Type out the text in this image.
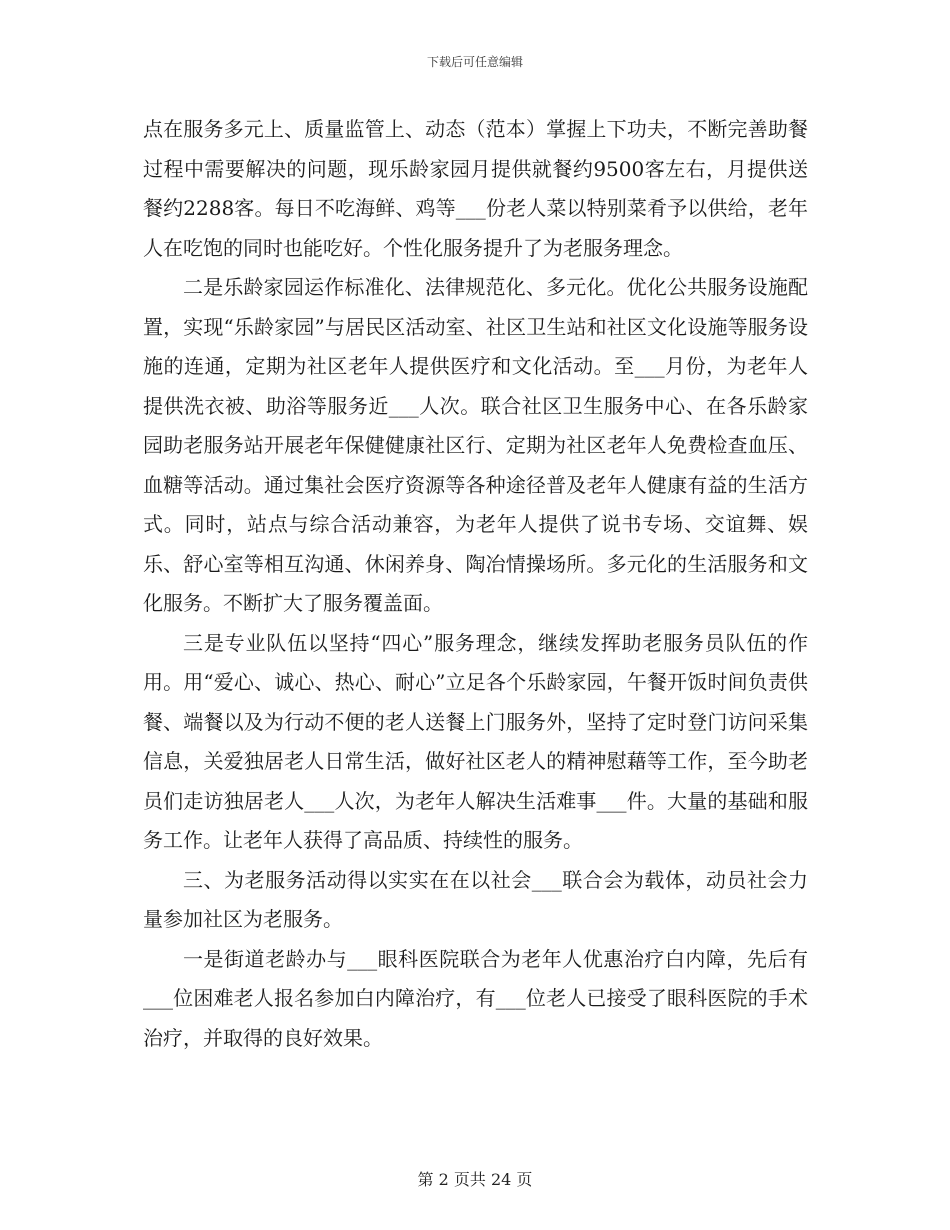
下载后可任意编辑

点在服务多元上、质量监管上、动态（范本）掌握上下功夫，不断完善助餐过程中需要解决的问题，现乐龄家园月提供就餐约9500客左右，月提供送餐约2288客。每日不吃海鲜、鸡等___份老人菜以特别菜肴予以供给，老年人在吃饱的同时也能吃好。个性化服务提升了为老服务理念。

二是乐龄家园运作标准化、法律规范化、多元化。优化公共服务设施配置，实现“乐龄家园”与居民区活动室、社区卫生站和社区文化设施等服务设施的连通，定期为社区老年人提供医疗和文化活动。至___月份，为老年人提供洗衣被、助浴等服务近___人次。联合社区卫生服务中心、在各乐龄家园助老服务站开展老年保健健康社区行、定期为社区老年人免费检查血压、血糖等活动。通过集社会医疗资源等各种途径普及老年人健康有益的生活方式。同时，站点与综合活动兼容，为老年人提供了说书专场、交谊舞、娱乐、舒心室等相互沟通、休闲养身、陶冶情操场所。多元化的生活服务和文化服务。不断扩大了服务覆盖面。

三是专业队伍以坚持“四心”服务理念，继续发挥助老服务员队伍的作用。用“爱心、诚心、热心、耐心”立足各个乐龄家园，午餐开饭时间负责供餐、端餐以及为行动不便的老人送餐上门服务外，坚持了定时登门访问采集信息，关爱独居老人日常生活，做好社区老人的精神慰藉等工作，至今助老员们走访独居老人___人次，为老年人解决生活难事___件。大量的基础和服务工作。让老年人获得了高品质、持续性的服务。

三、为老服务活动得以实实在在以社会___联合会为载体，动员社会力量参加社区为老服务。

一是街道老龄办与___眼科医院联合为老年人优惠治疗白内障，先后有___位困难老人报名参加白内障治疗，有___位老人已接受了眼科医院的手术治疗，并取得的良好效果。

第 2 页共 24 页
